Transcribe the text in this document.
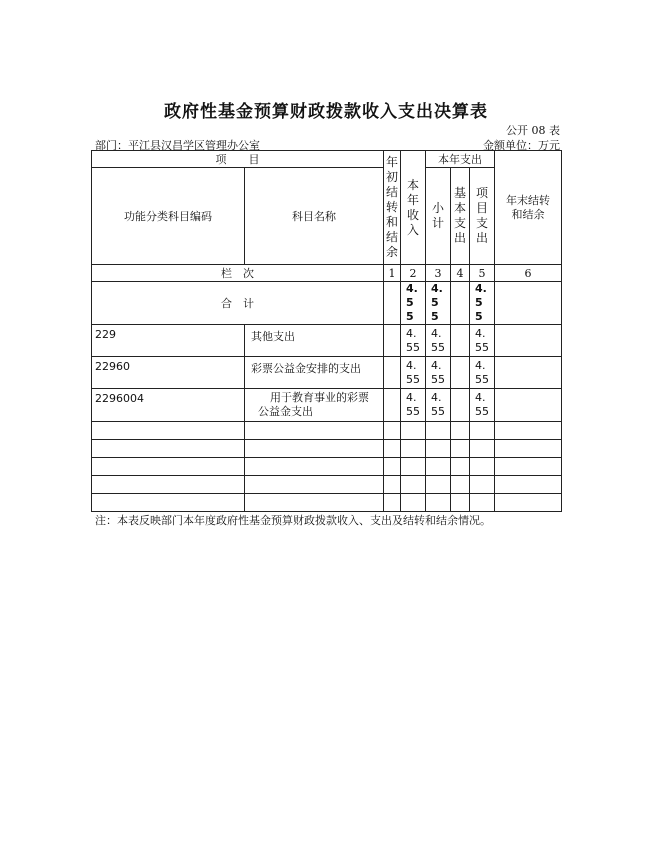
政府性基金预算财政拨款收入支出决算表
公开 08 表
部门：平江县汉昌学区管理办公室	金额单位：万元
项　　目		年初结转和结余	本年收入	本年支出			年末结转和结余

功能分类科目编码	科目名称			小计	基本支出	项目支出	

栏　次		1	2	3	4	5	6
合　计			4.55	4.55		4.55	

229	其他支出		4.55	4.55		4.55	

22960	彩票公益金安排的支出		4.55	4.55		4.55	

2296004	用于教育事业的彩票公益金支出		4.55	4.55		4.55	

注：本表反映部门本年度政府性基金预算财政拨款收入、支出及结转和结余情况。
